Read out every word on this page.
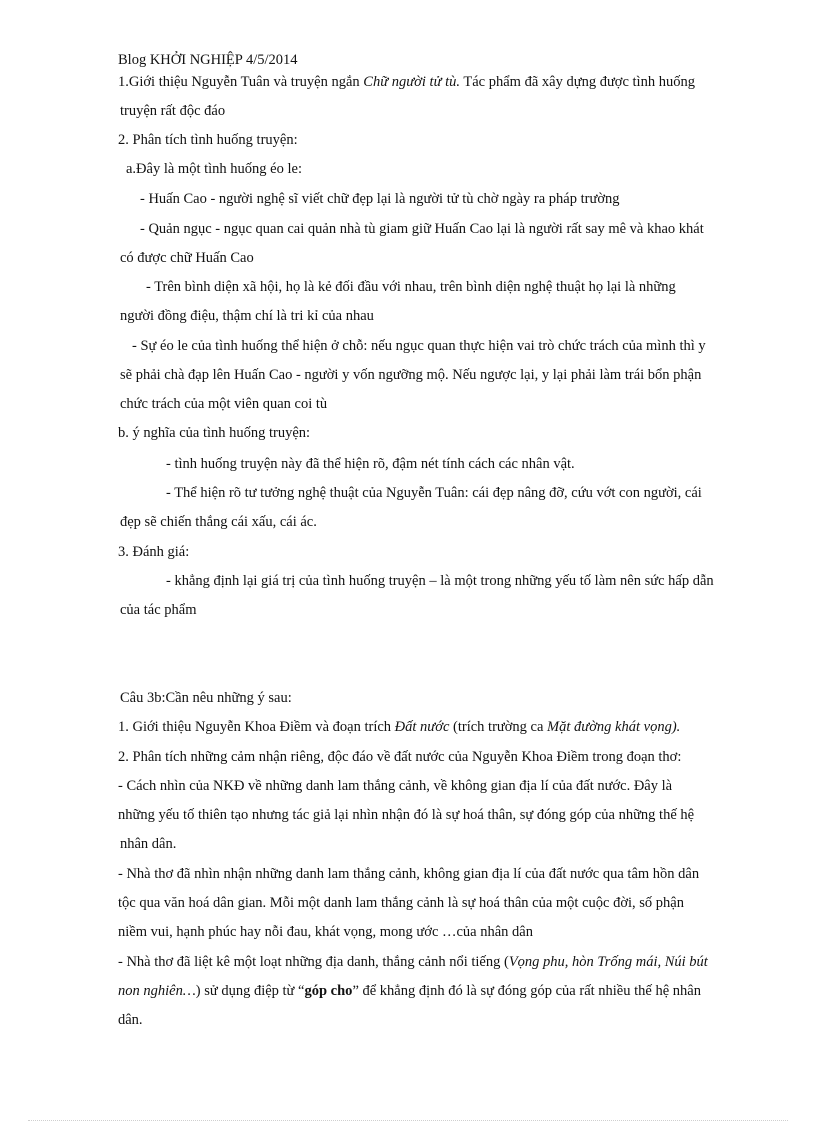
Blog KHỞI NGHIỆP 4/5/2014
1.Giới thiệu Nguyễn Tuân và truyện ngắn Chữ người tử tù. Tác phẩm đã xây dựng được tình huống
truyện rất độc đáo
2. Phân tích tình huống truyện:
a.Đây là một tình huống éo le:
- Huấn Cao - người nghệ sĩ viết chữ đẹp lại là người tử tù chờ ngày ra pháp trường
- Quản ngục - ngục quan cai quản nhà tù giam giữ Huấn Cao lại là người rất say mê và khao khát
có được chữ Huấn Cao
- Trên bình diện xã hội, họ là kẻ đối đầu với nhau, trên bình diện nghệ thuật họ lại là những
người đồng điệu, thậm chí là tri kỉ của nhau
- Sự éo le của tình huống thể hiện ở chỗ: nếu ngục quan thực hiện vai trò chức trách của mình thì y
sẽ phải chà đạp lên Huấn Cao - người y vốn ngưỡng mộ. Nếu ngược lại, y lại phải làm trái bổn phận
chức trách của một viên quan coi tù
b. ý nghĩa của tình huống truyện:
- tình huống truyện này đã thể hiện rõ, đậm nét tính cách các nhân vật.
- Thể hiện rõ tư tưởng nghệ thuật của Nguyễn Tuân: cái đẹp nâng đỡ, cứu vớt con người, cái
đẹp sẽ chiến thắng cái xấu, cái ác.
3. Đánh giá:
- khẳng định lại giá trị của tình huống truyện – là một trong những yếu tố làm nên sức hấp dẫn
của tác phẩm
Câu 3b:Cần nêu những ý sau:
1. Giới thiệu Nguyễn Khoa Điềm và đoạn trích Đất nước (trích trường ca Mặt đường khát vọng).
2. Phân tích những cảm nhận riêng, độc đáo về đất nước của Nguyễn Khoa Điềm trong đoạn thơ:
- Cách nhìn của NKĐ về những danh lam thắng cảnh, về không gian địa lí của đất nước. Đây là
những yếu tố thiên tạo nhưng tác giả lại nhìn nhận đó là sự hoá thân, sự đóng góp của những thế hệ
nhân dân.
- Nhà thơ đã nhìn nhận những danh lam thắng cảnh, không gian địa lí của đất nước qua tâm hồn dân
tộc qua văn hoá dân gian. Mỗi một danh lam thắng cảnh là sự hoá thân của một cuộc đời, số phận
niềm vui, hạnh phúc hay nỗi đau, khát vọng, mong ước …của nhân dân
- Nhà thơ đã liệt kê một loạt những địa danh, thắng cảnh nổi tiếng (Vọng phu, hòn Trống mái, Núi bút
non nghiên…) sử dụng điệp từ “góp cho” để khẳng định đó là sự đóng góp của rất nhiều thế hệ nhân
dân.
